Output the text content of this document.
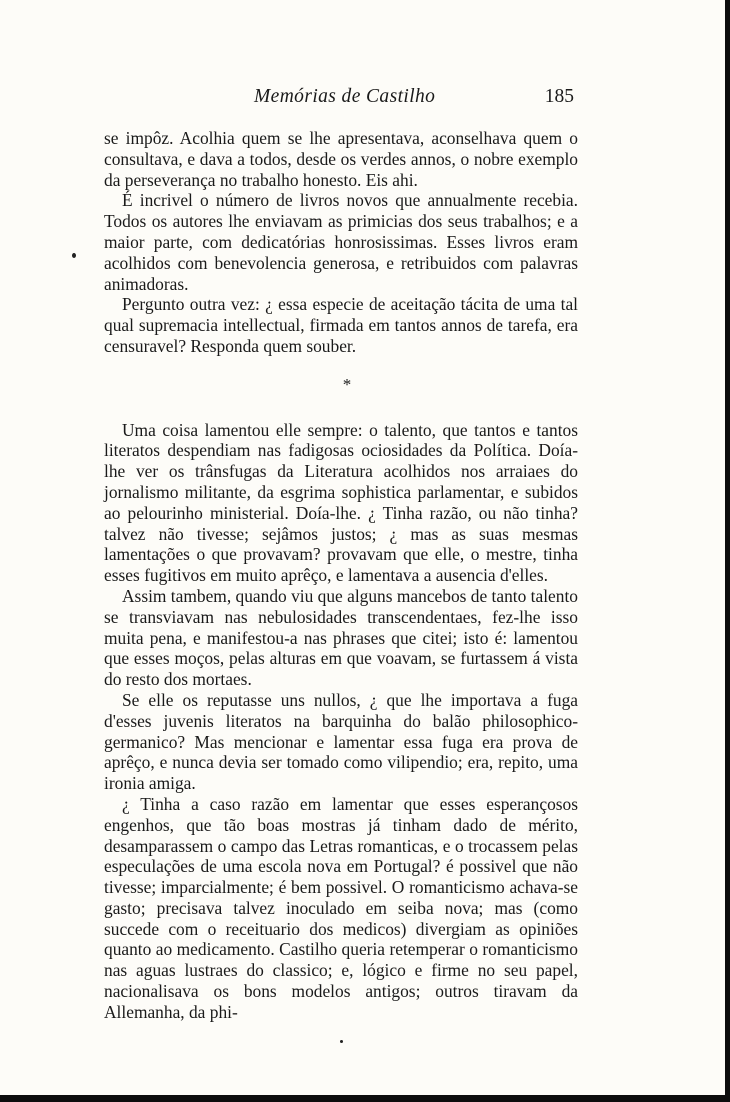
Memórias de Castilho	185

se impôz. Acolhia quem se lhe apresentava, aconselhava quem o consultava, e dava a todos, desde os verdes annos, o nobre exemplo da perseverança no trabalho honesto. Eis ahi.

É incrivel o número de livros novos que annualmente recebia. Todos os autores lhe enviavam as primicias dos seus trabalhos; e a maior parte, com dedicatórias honrosissimas. Esses livros eram acolhidos com benevolencia generosa, e retribuidos com palavras animadoras.

Pergunto outra vez: ¿ essa especie de aceitação tácita de uma tal qual supremacia intellectual, firmada em tantos annos de tarefa, era censuravel? Responda quem souber.

*

Uma coisa lamentou elle sempre: o talento, que tantos e tantos literatos despendiam nas fadigosas ociosidades da Política. Doía-lhe ver os trânsfugas da Literatura acolhidos nos arraiaes do jornalismo militante, da esgrima sophistica parlamentar, e subidos ao pelourinho ministerial. Doía-lhe. ¿ Tinha razão, ou não tinha? talvez não tivesse; sejâmos justos; ¿ mas as suas mesmas lamentações o que provavam? provavam que elle, o mestre, tinha esses fugitivos em muito aprêço, e lamentava a ausencia d'elles.

Assim tambem, quando viu que alguns mancebos de tanto talento se transviavam nas nebulosidades transcendentaes, fez-lhe isso muita pena, e manifestou-a nas phrases que citei; isto é: lamentou que esses moços, pelas alturas em que voavam, se furtassem á vista do resto dos mortaes.

Se elle os reputasse uns nullos, ¿ que lhe importava a fuga d'esses juvenis literatos na barquinha do balão philosophico-germanico? Mas mencionar e lamentar essa fuga era prova de aprêço, e nunca devia ser tomado como vilipendio; era, repito, uma ironia amiga.

¿ Tinha a caso razão em lamentar que esses esperançosos engenhos, que tão boas mostras já tinham dado de mérito, desamparassem o campo das Letras romanticas, e o trocassem pelas especulações de uma escola nova em Portugal? é possivel que não tivesse; imparcialmente; é bem possivel. O romanticismo achava-se gasto; precisava talvez inoculado em seiba nova; mas (como succede com o receituario dos medicos) divergiam as opiniões quanto ao medicamento. Castilho queria retemperar o romanticismo nas aguas lustraes do classico; e, lógico e firme no seu papel, nacionalisava os bons modelos antigos; outros tiravam da Allemanha, da phi-
